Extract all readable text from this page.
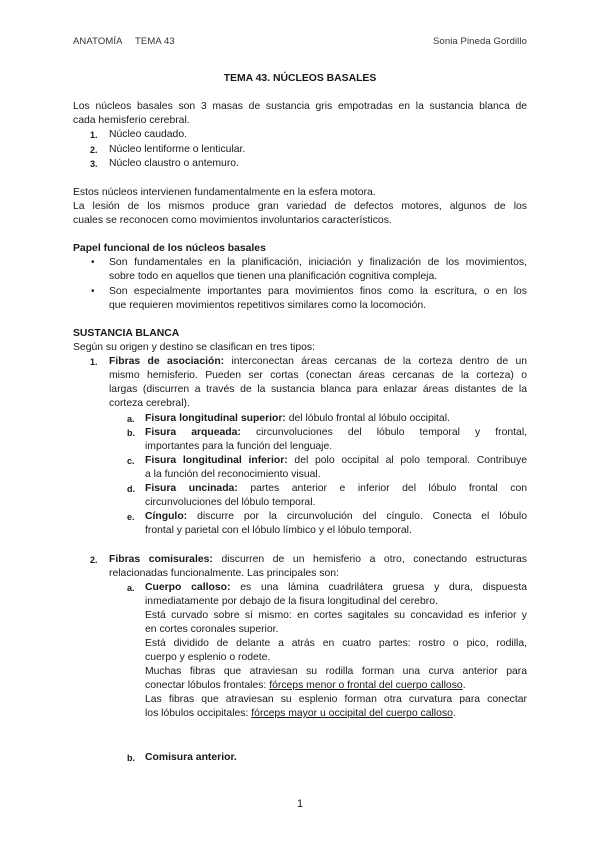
ANATOMÍA TEMA 43	Sonia Pineda Gordillo
TEMA 43. NÚCLEOS BASALES
Los núcleos basales son 3 masas de sustancia gris empotradas en la sustancia blanca de
cada hemisferio cerebral.
1. Núcleo caudado.
2. Núcleo lentiforme o lenticular.
3. Núcleo claustro o antemuro.
Estos núcleos intervienen fundamentalmente en la esfera motora.
La lesión de los mismos produce gran variedad de defectos motores, algunos de los
cuales se reconocen como movimientos involuntarios característicos.
Papel funcional de los núcleos basales
• Son fundamentales en la planificación, iniciación y finalización de los movimientos,
sobre todo en aquellos que tienen una planificación cognitiva compleja.
• Son especialmente importantes para movimientos finos como la escritura, o en los
que requieren movimientos repetitivos similares como la locomoción.
SUSTANCIA BLANCA
Según su origen y destino se clasifican en tres tipos:
1. Fibras de asociación: interconectan áreas cercanas de la corteza dentro de un
mismo hemisferio. Pueden ser cortas (conectan áreas cercanas de la corteza) o
largas (discurren a través de la sustancia blanca para enlazar áreas distantes de la
corteza cerebral).
a. Fisura longitudinal superior: del lóbulo frontal al lóbulo occipital.
b. Fisura arqueada: circunvoluciones del lóbulo temporal y frontal,
importantes para la función del lenguaje.
c. Fisura longitudinal inferior: del polo occipital al polo temporal. Contribuye
a la función del reconocimiento visual.
d. Fisura uncinada: partes anterior e inferior del lóbulo frontal con
circunvoluciones del lóbulo temporal.
e. Cíngulo: discurre por la circunvolución del cíngulo. Conecta el lóbulo
frontal y parietal con el lóbulo límbico y el lóbulo temporal.
2. Fibras comisurales: discurren de un hemisferio a otro, conectando estructuras
relacionadas funcionalmente. Las principales son:
a. Cuerpo calloso: es una lámina cuadrilátera gruesa y dura, dispuesta
inmediatamente por debajo de la fisura longitudinal del cerebro.
Está curvado sobre sí mismo: en cortes sagitales su concavidad es inferior y
en cortes coronales superior.
Está dividido de delante a atrás en cuatro partes: rostro o pico, rodilla,
cuerpo y esplenio o rodete.
Muchas fibras que atraviesan su rodilla forman una curva anterior para
conectar lóbulos frontales: fórceps menor o frontal del cuerpo calloso.
Las fibras que atraviesan su esplenio forman otra curvatura para conectar
los lóbulos occipitales: fórceps mayor u occipital del cuerpo calloso.
b. Comisura anterior.
1
